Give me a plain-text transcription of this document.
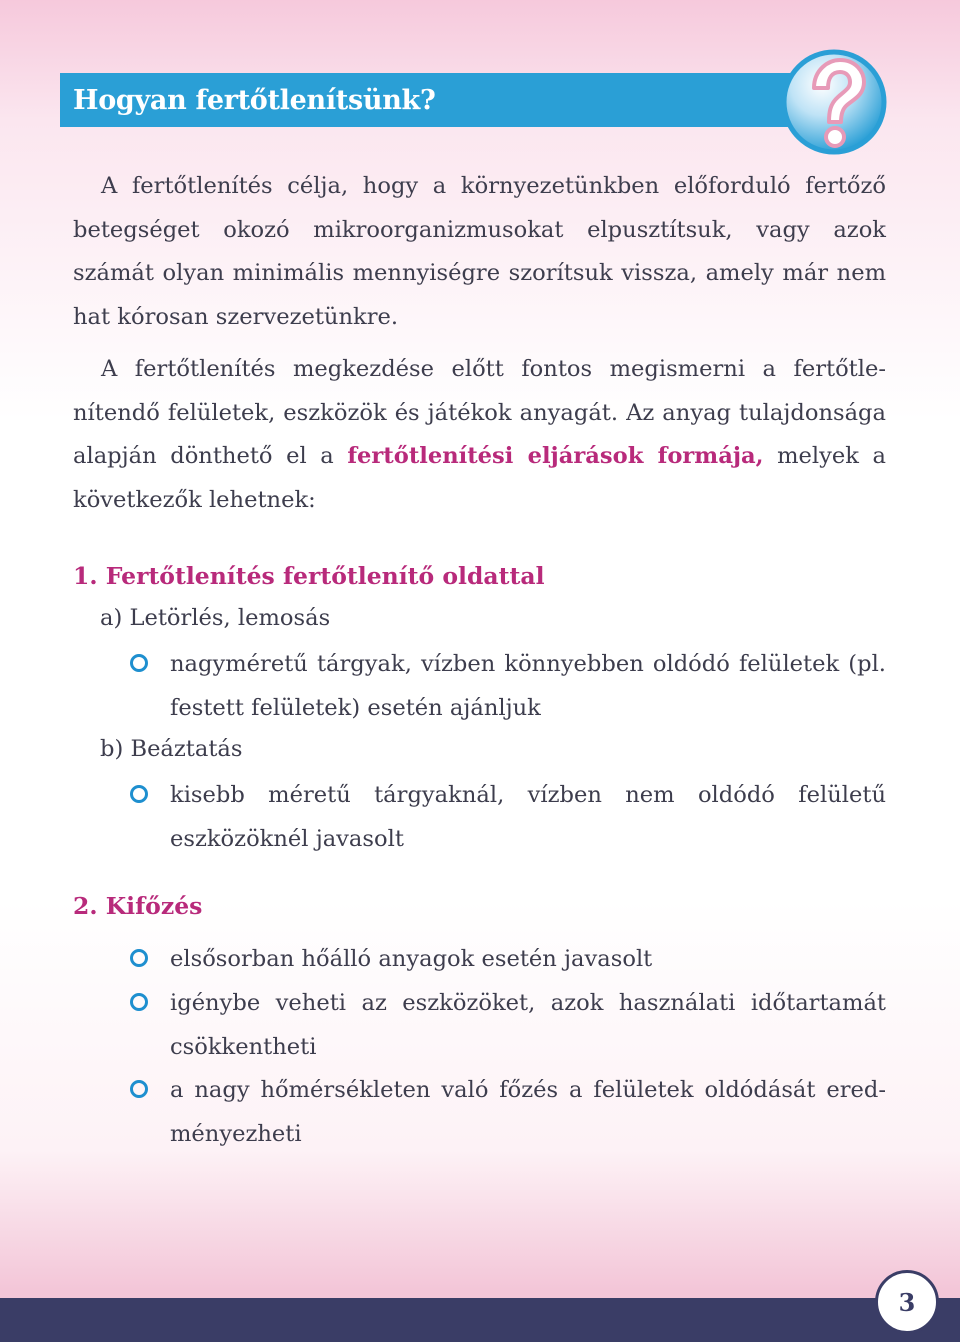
Hogyan fertőtlenítsünk?

A fertőtlenítés célja, hogy a környezetünkben előforduló fertőző betegséget okozó mikroorganizmusokat elpusztítsuk, vagy azok számát olyan minimális mennyiségre szorítsuk vissza, amely már nem hat kórosan szervezetünkre.

A fertőtlenítés megkezdése előtt fontos megismerni a fertőtlenítendő felületek, eszközök és játékok anyagát. Az anyag tulajdonsága alapján dönthető el a fertőtlenítési eljárások formája, melyek a következők lehetnek:

1. Fertőtlenítés fertőtlenítő oldattal

a) Letörlés, lemosás

nagyméretű tárgyak, vízben könnyebben oldódó felületek (pl. festett felületek) esetén ajánljuk

b) Beáztatás

kisebb méretű tárgyaknál, vízben nem oldódó felületű eszközöknél javasolt

2. Kifőzés

elsősorban hőálló anyagok esetén javasolt
igénybe veheti az eszközöket, azok használati időtartamát csökkentheti
a nagy hőmérsékleten való főzés a felületek oldódását eredményezheti
3
